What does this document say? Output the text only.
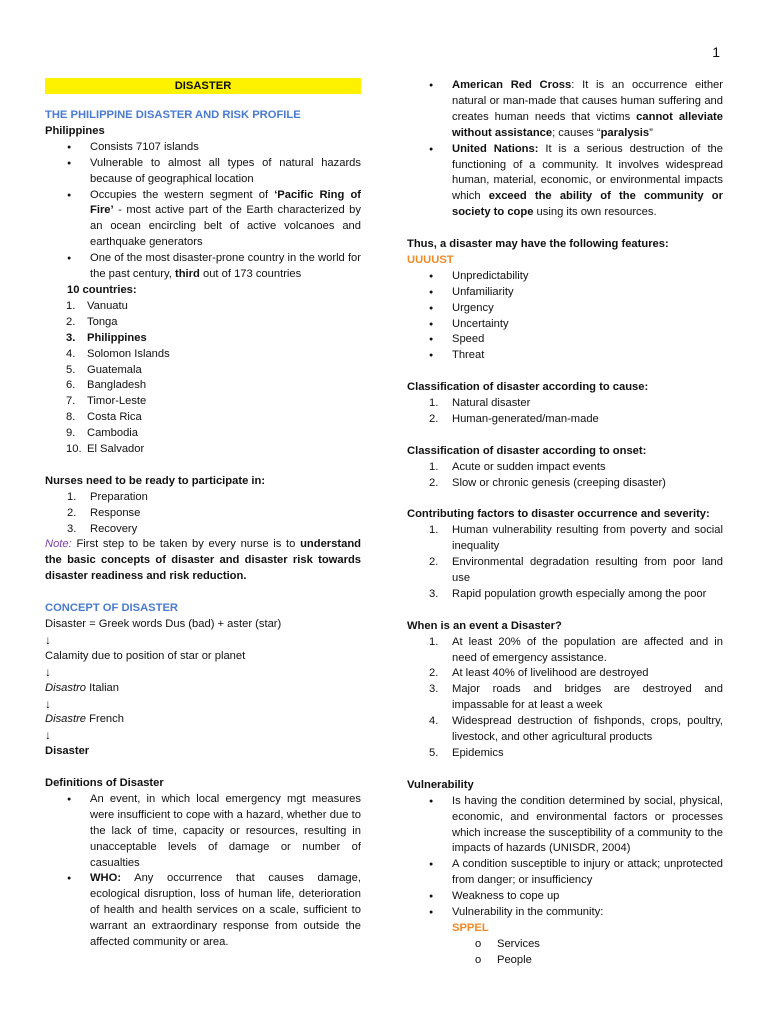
1
DISASTER
THE PHILIPPINE DISASTER AND RISK PROFILE
Philippines
● Consists 7107 islands
● Vulnerable to almost all types of natural hazards because of geographical location
● Occupies the western segment of ‘Pacific Ring of Fire’ - most active part of the Earth characterized by an ocean encircling belt of active volcanoes and earthquake generators
● One of the most disaster-prone country in the world for the past century, third out of 173 countries
10 countries:
1. Vanuatu
2. Tonga
3. Philippines
4. Solomon Islands
5. Guatemala
6. Bangladesh
7. Timor-Leste
8. Costa Rica
9. Cambodia
10. El Salvador
Nurses need to be ready to participate in:
1. Preparation
2. Response
3. Recovery
Note: First step to be taken by every nurse is to understand the basic concepts of disaster and disaster risk towards disaster readiness and risk reduction.
CONCEPT OF DISASTER
Disaster = Greek words Dus (bad) + aster (star)
↓
Calamity due to position of star or planet
↓
Disastro Italian
↓
Disastre French
↓
Disaster
Definitions of Disaster
● An event, in which local emergency mgt measures were insufficient to cope with a hazard, whether due to the lack of time, capacity or resources, resulting in unacceptable levels of damage or number of casualties
● WHO: Any occurrence that causes damage, ecological disruption, loss of human life, deterioration of health and health services on a scale, sufficient to warrant an extraordinary response from outside the affected community or area.
● American Red Cross: It is an occurrence either natural or man-made that causes human suffering and creates human needs that victims cannot alleviate without assistance; causes “paralysis”
● United Nations: It is a serious destruction of the functioning of a community. It involves widespread human, material, economic, or environmental impacts which exceed the ability of the community or society to cope using its own resources.
Thus, a disaster may have the following features:
UUUUST
● Unpredictability
● Unfamiliarity
● Urgency
● Uncertainty
● Speed
● Threat
Classification of disaster according to cause:
1. Natural disaster
2. Human-generated/man-made
Classification of disaster according to onset:
1. Acute or sudden impact events
2. Slow or chronic genesis (creeping disaster)
Contributing factors to disaster occurrence and severity:
1. Human vulnerability resulting from poverty and social inequality
2. Environmental degradation resulting from poor land use
3. Rapid population growth especially among the poor
When is an event a Disaster?
1. At least 20% of the population are affected and in need of emergency assistance.
2. At least 40% of livelihood are destroyed
3. Major roads and bridges are destroyed and impassable for at least a week
4. Widespread destruction of fishponds, crops, poultry, livestock, and other agricultural products
5. Epidemics
Vulnerability
● Is having the condition determined by social, physical, economic, and environmental factors or processes which increase the susceptibility of a community to the impacts of hazards (UNISDR, 2004)
● A condition susceptible to injury or attack; unprotected from danger; or insufficiency
● Weakness to cope up
● Vulnerability in the community:
SPPEL
o Services
o People
